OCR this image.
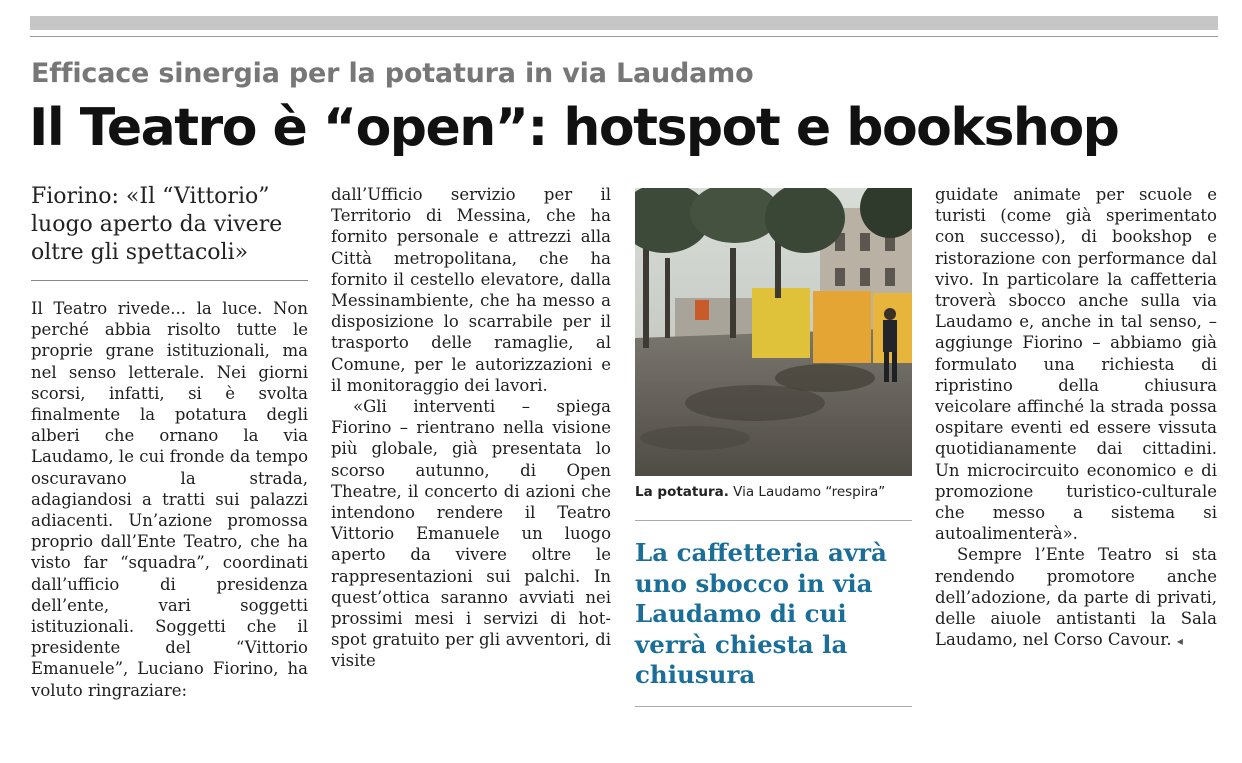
Efficace sinergia per la potatura in via Laudamo
Il Teatro è “open”: hotspot e bookshop
Fiorino: «Il “Vittorio” luogo aperto da vivere oltre gli spettacoli»

Il Teatro rivede... la luce. Non perché abbia risolto tutte le proprie grane istituzionali, ma nel senso letterale. Nei giorni scorsi, infatti, si è svolta finalmente la potatura degli alberi che ornano la via Laudamo, le cui fronde da tempo oscuravano la strada, adagiandosi a tratti sui palazzi adiacenti. Un’azione promossa proprio dall’Ente Teatro, che ha visto far “squadra”, coordinati dall’ufficio di presidenza dell’ente, vari soggetti istituzionali. Soggetti che il presidente del “Vittorio Emanuele”, Luciano Fiorino, ha voluto ringraziare:

dall’Ufficio servizio per il Territorio di Messina, che ha fornito personale e attrezzi alla Città metropolitana, che ha fornito il cestello elevatore, dalla Messinambiente, che ha messo a disposizione lo scarrabile per il trasporto delle ramaglie, al Comune, per le autorizzazioni e il monitoraggio dei lavori.

«Gli interventi – spiega Fiorino – rientrano nella visione più globale, già presentata lo scorso autunno, di Open Theatre, il concerto di azioni che intendono rendere il Teatro Vittorio Emanuele un luogo aperto da vivere oltre le rappresentazioni sui palchi. In quest’ottica saranno avviati nei prossimi mesi i servizi di hot-spot gratuito per gli avventori, di visite

La potatura. Via Laudamo “respira”
La caffetteria avrà uno sbocco in via Laudamo di cui verrà chiesta la chiusura

guidate animate per scuole e turisti (come già sperimentato con successo), di bookshop e ristorazione con performance dal vivo. In particolare la caffetteria troverà sbocco anche sulla via Laudamo e, anche in tal senso, – aggiunge Fiorino – abbiamo già formulato una richiesta di ripristino della chiusura veicolare affinché la strada possa ospitare eventi ed essere vissuta quotidianamente dai cittadini. Un microcircuito economico e di promozione turistico-culturale che messo a sistema si autoalimenterà».

Sempre l’Ente Teatro si sta rendendo promotore anche dell’adozione, da parte di privati, delle aiuole antistanti la Sala Laudamo, nel Corso Cavour. ◂
